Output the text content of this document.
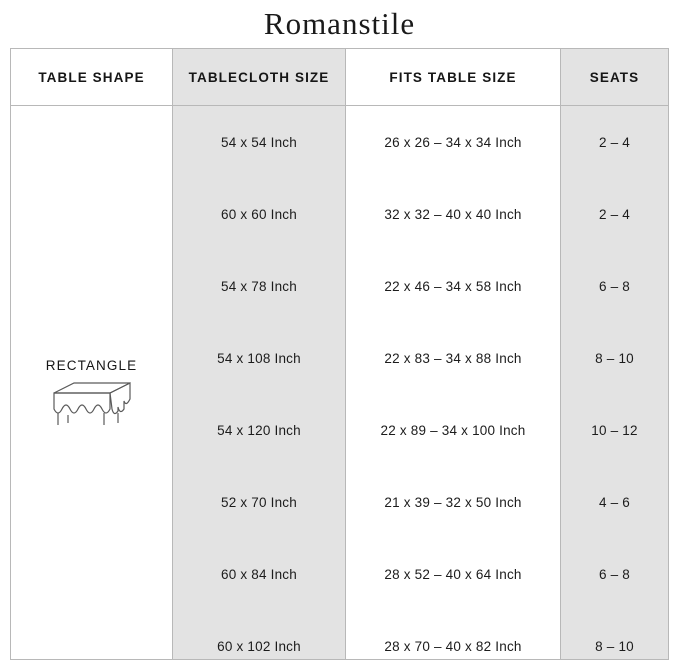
Romanstile
TABLE SHAPE	TABLECLOTH SIZE	FITS TABLE SIZE	SEATS

RECTANGLE	54 x 54 Inch	26 x 26 – 34 x 34 Inch	2 – 4
	60 x 60 Inch	32 x 32 – 40 x 40 Inch	2 – 4
	54 x 78 Inch	22 x 46 – 34 x 58 Inch	6 – 8
	54 x 108 Inch	22 x 83 – 34 x 88 Inch	8 – 10
	54 x 120 Inch	22 x 89 – 34 x 100 Inch	10 – 12
	52 x 70 Inch	21 x 39 – 32 x 50 Inch	4 – 6
	60 x 84 Inch	28 x 52 – 40 x 64 Inch	6 – 8
	60 x 102 Inch	28 x 70 – 40 x 82 Inch	8 – 10
